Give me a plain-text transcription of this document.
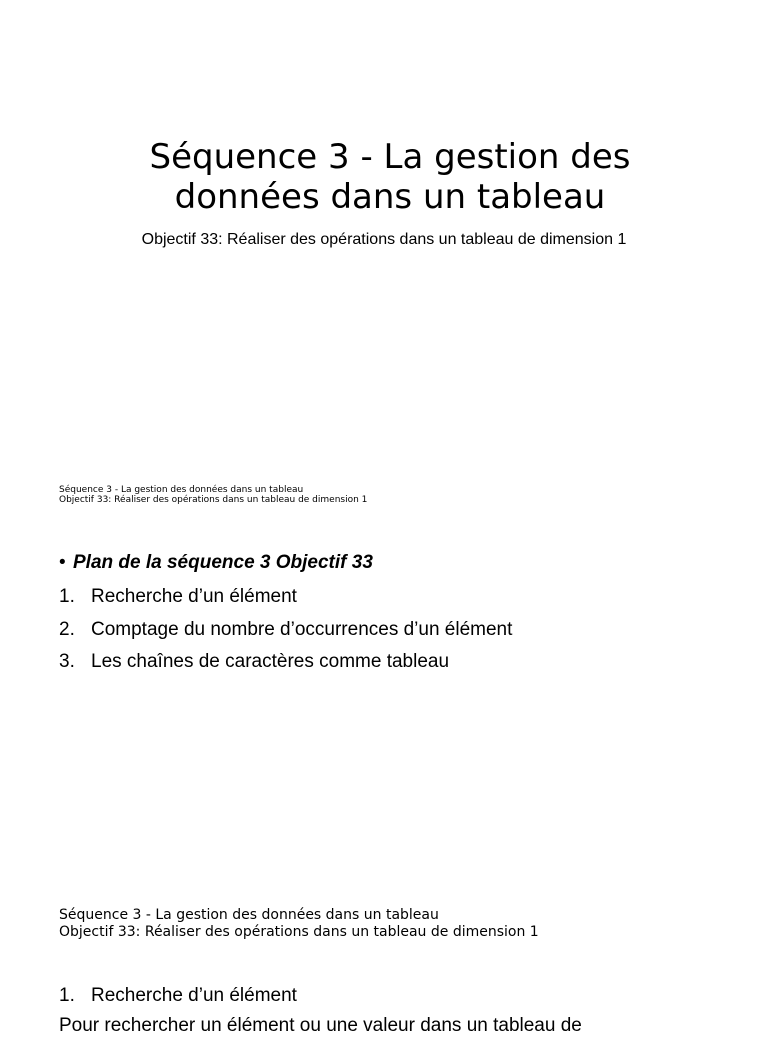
Séquence 3 - La gestion des
données dans un tableau

Objectif 33: Réaliser des opérations dans un tableau de dimension 1

Séquence 3 - La gestion des données dans un tableau
Objectif 33: Réaliser des opérations dans un tableau de dimension 1
• Plan de la séquence 3 Objectif 33
1. Recherche d’un élément
2. Comptage du nombre d’occurrences d’un élément
3. Les chaînes de caractères comme tableau
Séquence 3 - La gestion des données dans un tableau
Objectif 33: Réaliser des opérations dans un tableau de dimension 1
1. Recherche d’un élément
Pour rechercher un élément ou une valeur dans un tableau de
